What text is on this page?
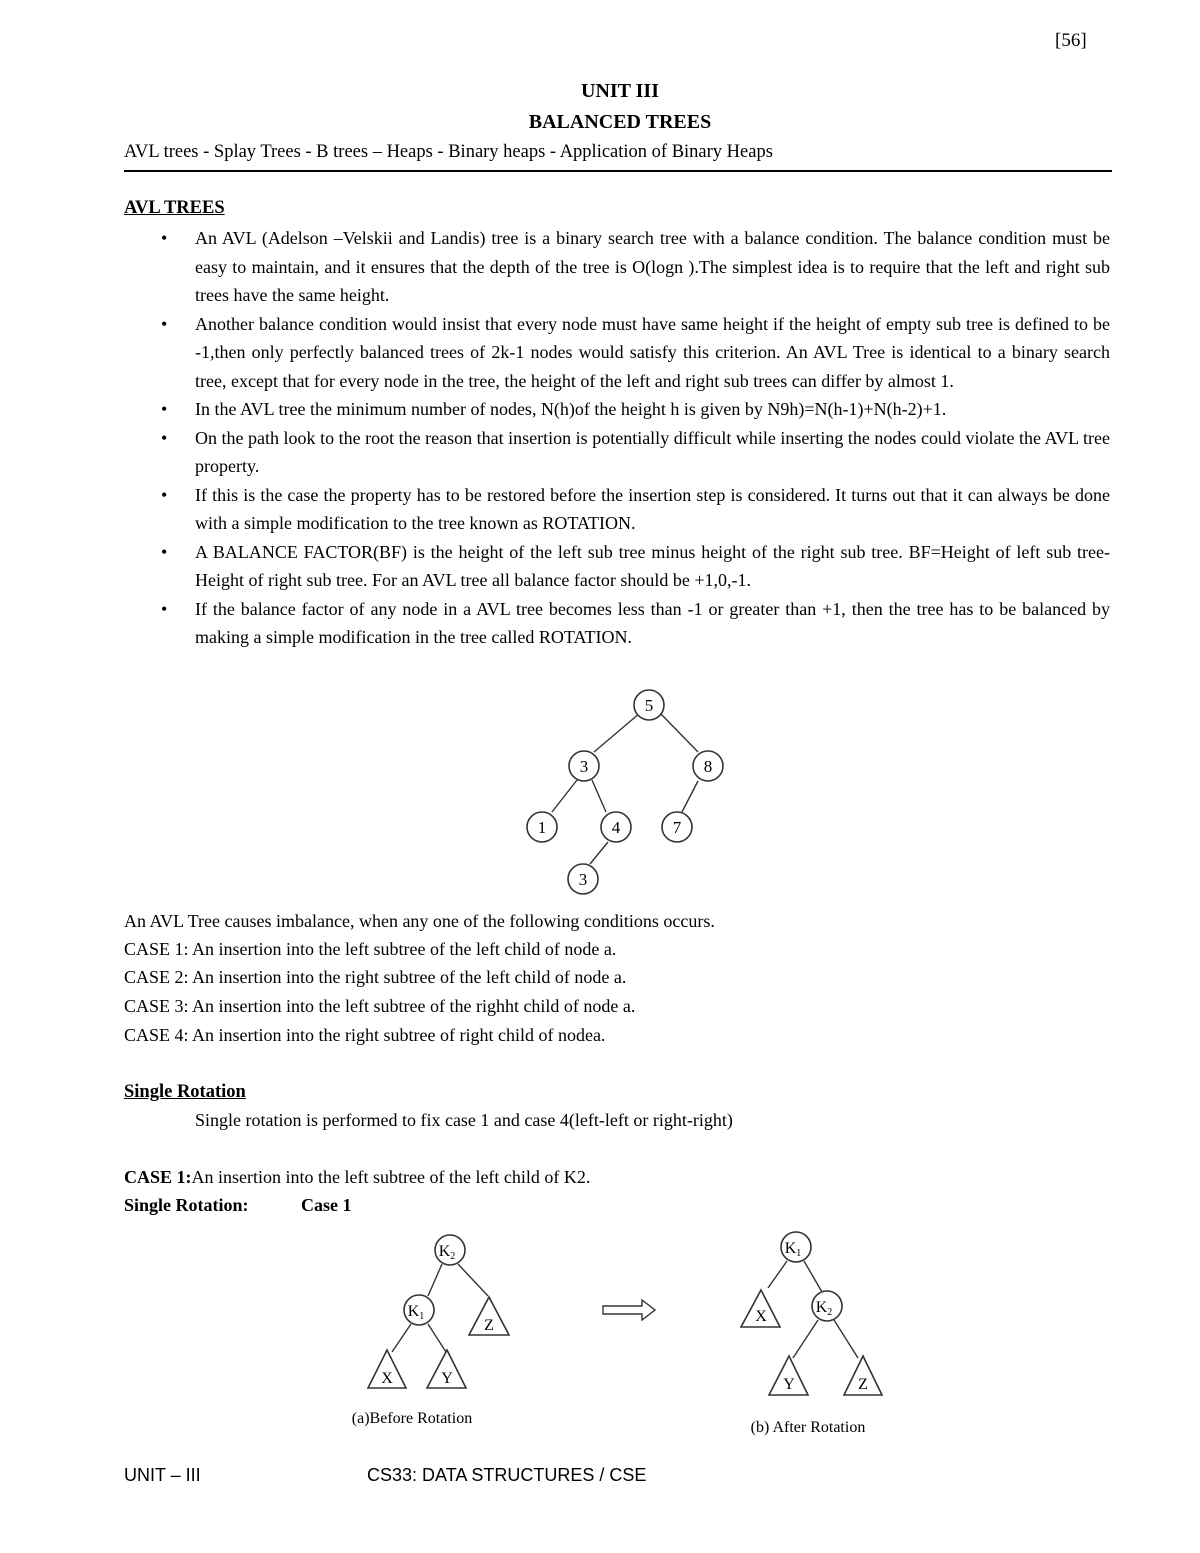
[56]
UNIT III
BALANCED TREES
AVL trees - Splay Trees - B trees – Heaps - Binary heaps - Application of Binary Heaps
AVL TREES
• An AVL (Adelson –Velskii and Landis) tree is a binary search tree with a balance condition. The balance condition must be easy to maintain, and it ensures that the depth of the tree is O(logn ).The simplest idea is to require that the left and right sub trees have the same height.
• Another balance condition would insist that every node must have same height if the height of empty sub tree is defined to be -1,then only perfectly balanced trees of 2k-1 nodes would satisfy this criterion. An AVL Tree is identical to a binary search tree, except that for every node in the tree, the height of the left and right sub trees can differ by almost 1.
• In the AVL tree the minimum number of nodes, N(h)of the height h is given by N9h)=N(h-1)+N(h-2)+1.
• On the path look to the root the reason that insertion is potentially difficult while inserting the nodes could violate the AVL tree property.
• If this is the case the property has to be restored before the insertion step is considered. It turns out that it can always be done with a simple modification to the tree known as ROTATION.
• A BALANCE FACTOR(BF) is the height of the left sub tree minus height of the right sub tree. BF=Height of left sub tree-Height of right sub tree. For an AVL tree all balance factor should be +1,0,-1.
• If the balance factor of any node in a AVL tree becomes less than -1 or greater than +1, then the tree has to be balanced by making a simple modification in the tree called ROTATION.
5
3	8
1	4	7
3
An AVL Tree causes imbalance, when any one of the following conditions occurs.
CASE 1: An insertion into the left subtree of the left child of node a.
CASE 2: An insertion into the right subtree of the left child of node a.
CASE 3: An insertion into the left subtree of the righht child of node a.
CASE 4: An insertion into the right subtree of right child of nodea.
Single Rotation
Single rotation is performed to fix case 1 and case 4(left-left or right-right)
CASE 1:An insertion into the left subtree of the left child of K2.
Single Rotation:	Case 1
K2
K1
Z
X	Y
(a)Before Rotation
K1
K2
X
Y	Z
(b) After Rotation
UNIT – III	CS33: DATA STRUCTURES / CSE
